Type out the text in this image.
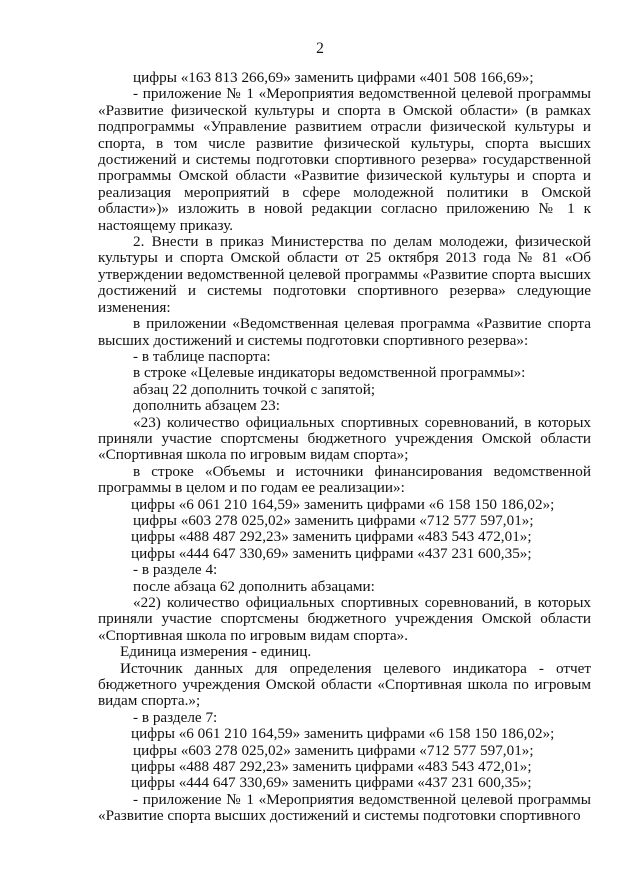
2

цифры «163 813 266,69» заменить цифрами «401 508 166,69»;

- приложение № 1 «Мероприятия ведомственной целевой программы «Развитие физической культуры и спорта в Омской области» (в рамках подпрограммы «Управление развитием отрасли физической культуры и спорта, в том числе развитие физической культуры, спорта высших достижений и системы подготовки спортивного резерва» государственной программы Омской области «Развитие физической культуры и спорта и реализация мероприятий в сфере молодежной политики в Омской области»)» изложить в новой редакции согласно приложению № 1 к настоящему приказу.

2. Внести в приказ Министерства по делам молодежи, физической культуры и спорта Омской области от 25 октября 2013 года № 81 «Об утверждении ведомственной целевой программы «Развитие спорта высших достижений и системы подготовки спортивного резерва» следующие изменения:

в приложении «Ведомственная целевая программа «Развитие спорта высших достижений и системы подготовки спортивного резерва»:

- в таблице паспорта:

в строке «Целевые индикаторы ведомственной программы»:

абзац 22 дополнить точкой с запятой;

дополнить абзацем 23:

«23) количество официальных спортивных соревнований, в которых приняли участие спортсмены бюджетного учреждения Омской области «Спортивная школа по игровым видам спорта»;

в строке «Объемы и источники финансирования ведомственной программы в целом и по годам ее реализации»:

цифры «6 061 210 164,59» заменить цифрами «6 158 150 186,02»;

цифры «603 278 025,02» заменить цифрами «712 577 597,01»;

цифры «488 487 292,23» заменить цифрами «483 543 472,01»;

цифры «444 647 330,69» заменить цифрами «437 231 600,35»;

- в разделе 4:

после абзаца 62 дополнить абзацами:

«22) количество официальных спортивных соревнований, в которых приняли участие спортсмены бюджетного учреждения Омской области «Спортивная школа по игровым видам спорта».

Единица измерения - единиц.

Источник данных для определения целевого индикатора - отчет бюджетного учреждения Омской области «Спортивная школа по игровым видам спорта.»;

- в разделе 7:

цифры «6 061 210 164,59» заменить цифрами «6 158 150 186,02»;

цифры «603 278 025,02» заменить цифрами «712 577 597,01»;

цифры «488 487 292,23» заменить цифрами «483 543 472,01»;

цифры «444 647 330,69» заменить цифрами «437 231 600,35»;

- приложение № 1 «Мероприятия ведомственной целевой программы «Развитие спорта высших достижений и системы подготовки спортивного
